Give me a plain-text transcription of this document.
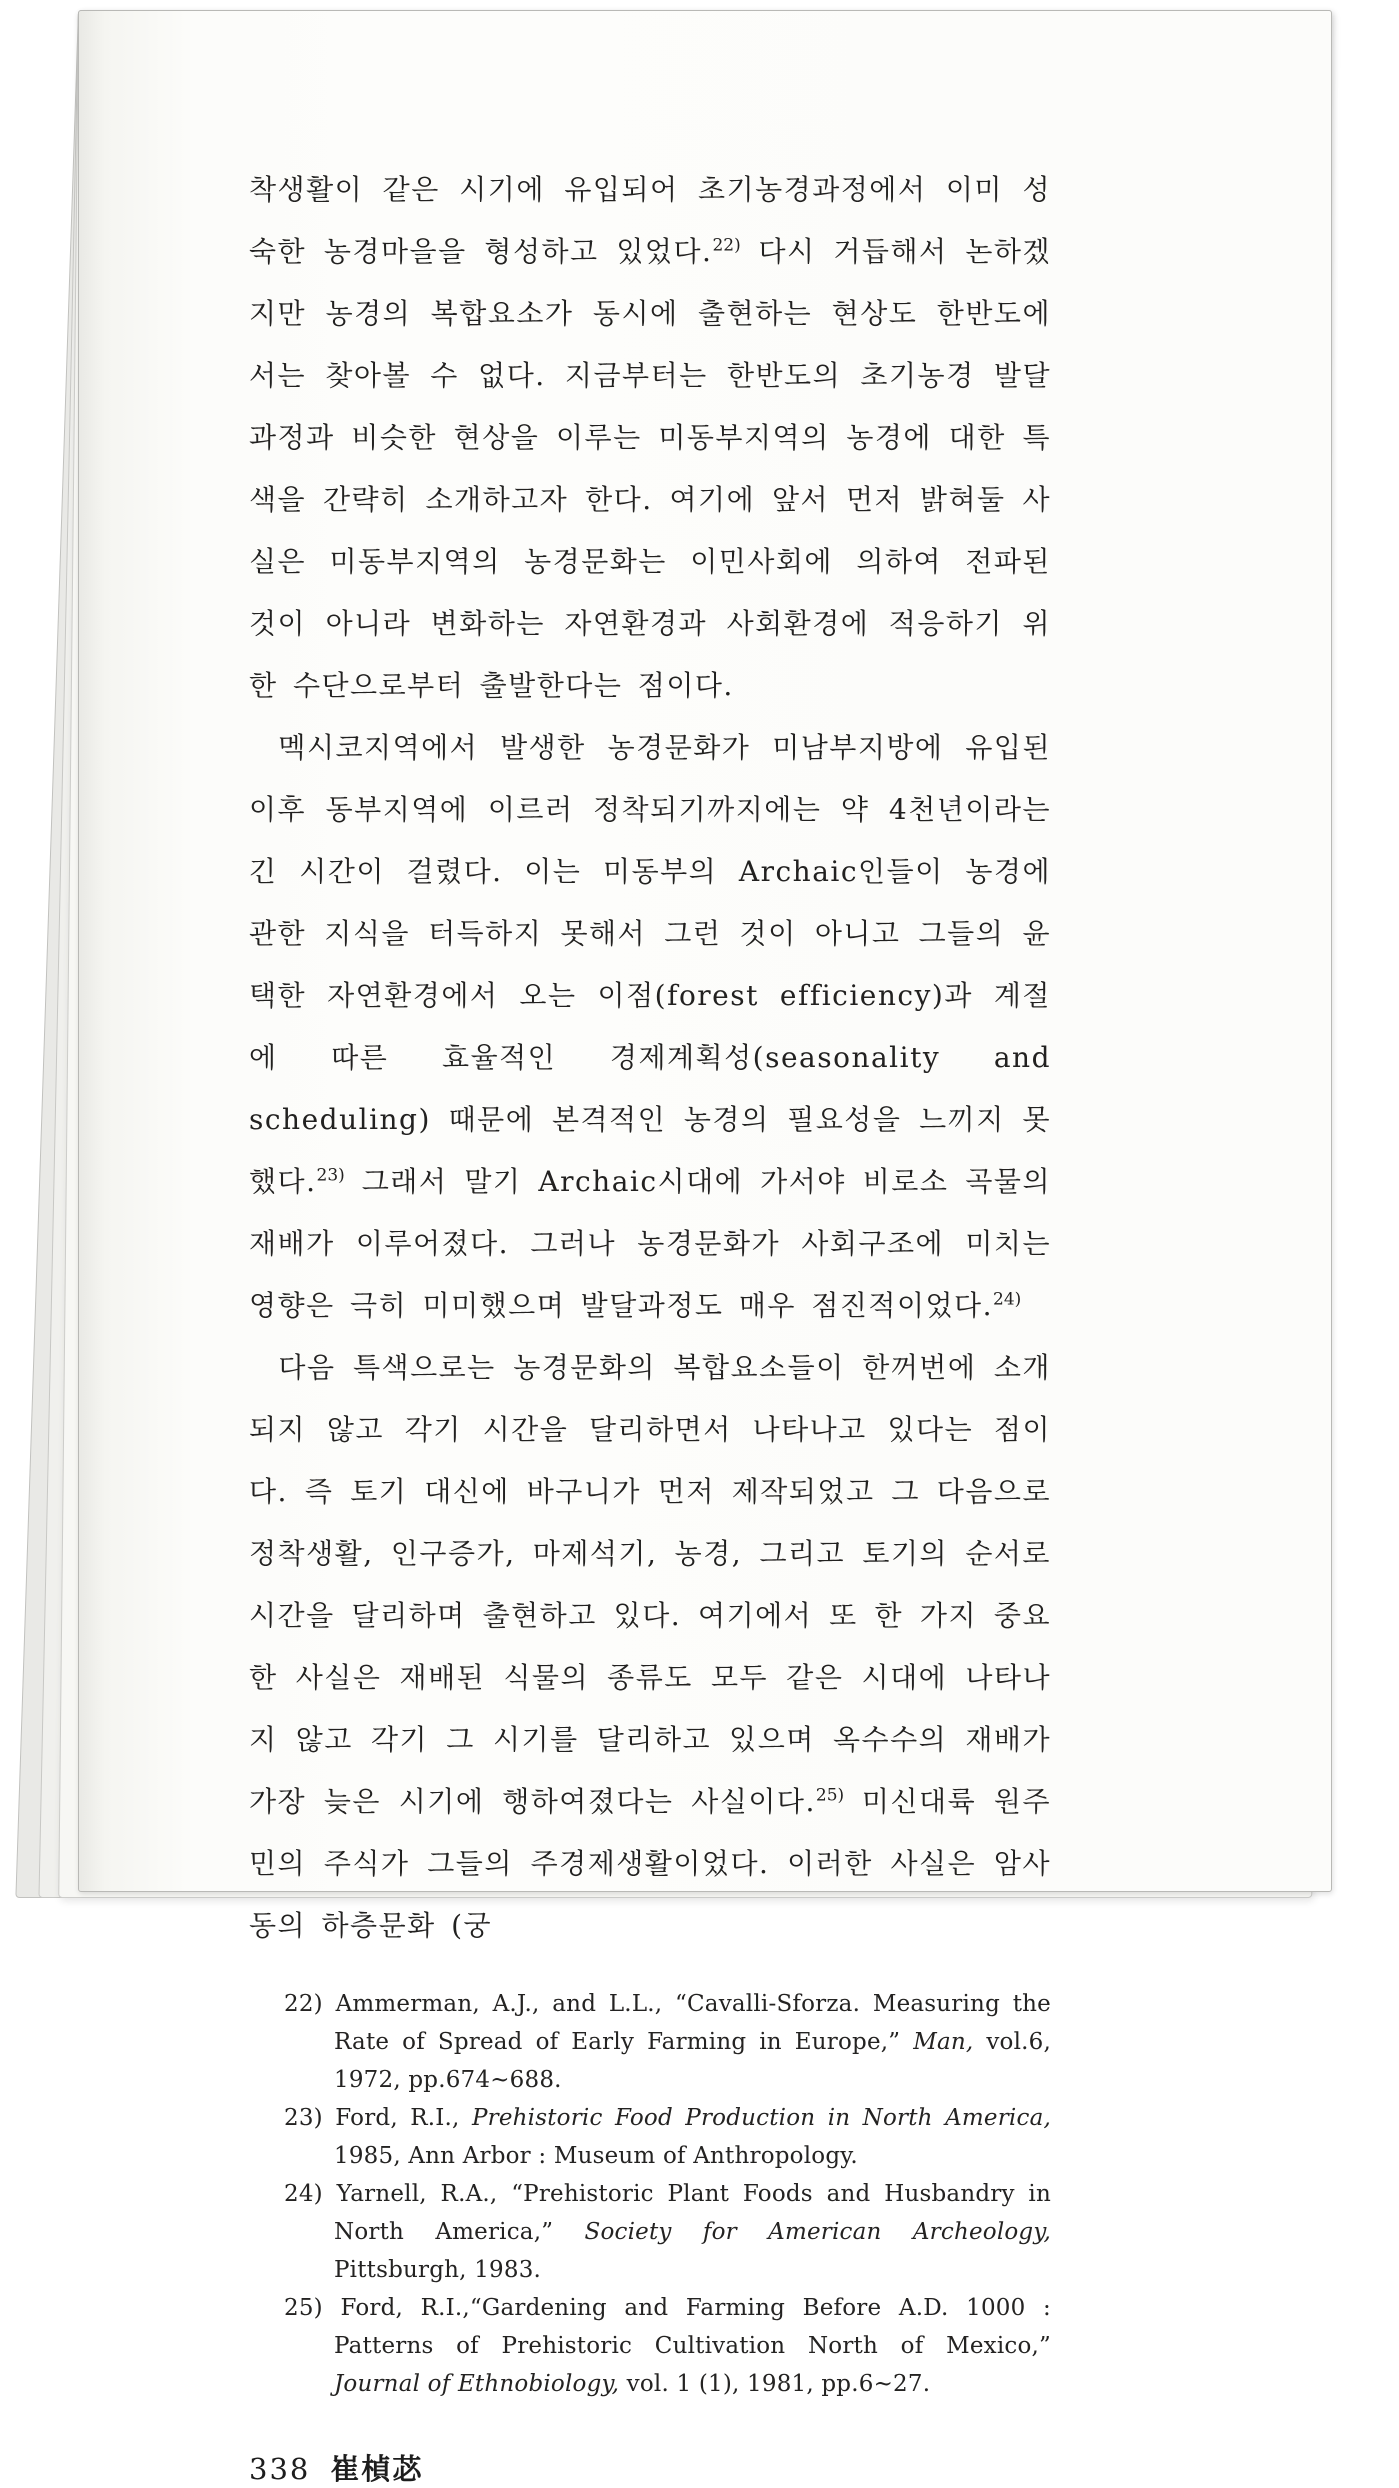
착생활이 같은 시기에 유입되어 초기농경과정에서 이미 성숙한 농경마을을 형성하고 있었다.$^{22)}$ 다시 거듭해서 논하겠지만 농경의 복합요소가 동시에 출현하는 현상도 한반도에서는 찾아볼 수 없다. 지금부터는 한반도의 초기농경 발달과정과 비슷한 현상을 이루는 미동부지역의 농경에 대한 특색을 간략히 소개하고자 한다. 여기에 앞서 먼저 밝혀둘 사실은 미동부지역의 농경문화는 이민사회에 의하여 전파된 것이 아니라 변화하는 자연환경과 사회환경에 적응하기 위한 수단으로부터 출발한다는 점이다.

멕시코지역에서 발생한 농경문화가 미남부지방에 유입된 이후 동부지역에 이르러 정착되기까지에는 약 4천년이라는 긴 시간이 걸렸다. 이는 미동부의 Archaic인들이 농경에 관한 지식을 터득하지 못해서 그런 것이 아니고 그들의 윤택한 자연환경에서 오는 이점(forest efficiency)과 계절에 따른 효율적인 경제계획성(seasonality and scheduling) 때문에 본격적인 농경의 필요성을 느끼지 못했다.$^{23)}$ 그래서 말기 Archaic시대에 가서야 비로소 곡물의 재배가 이루어졌다. 그러나 농경문화가 사회구조에 미치는 영향은 극히 미미했으며 발달과정도 매우 점진적이었다.$^{24)}$

다음 특색으로는 농경문화의 복합요소들이 한꺼번에 소개되지 않고 각기 시간을 달리하면서 나타나고 있다는 점이다. 즉 토기 대신에 바구니가 먼저 제작되었고 그 다음으로 정착생활, 인구증가, 마제석기, 농경, 그리고 토기의 순서로 시간을 달리하며 출현하고 있다. 여기에서 또 한 가지 중요한 사실은 재배된 식물의 종류도 모두 같은 시대에 나타나지 않고 각기 그 시기를 달리하고 있으며 옥수수의 재배가 가장 늦은 시기에 행하여졌다는 사실이다.$^{25)}$ 미신대륙 원주민의 주식가 그들의 주경제생활이었다. 이러한 사실은 암사동의 하층문화 (궁

22) Ammerman, A.J., and L.L., “Cavalli-Sforza. Measuring the Rate of Spread of Early Farming in Europe,” Man, vol.6, 1972, pp.674~688.
23) Ford, R.I., Prehistoric Food Production in North America, 1985, Ann Arbor : Museum of Anthropology.
24) Yarnell, R.A., “Prehistoric Plant Foods and Husbandry in North America,” Society for American Archeology, Pittsburgh, 1983.
25) Ford, R.I.,“Gardening and Farming Before A.D. 1000 : Patterns of Prehistoric Cultivation North of Mexico,” Journal of Ethnobiology, vol. 1 (1), 1981, pp.6~27.
338 崔楨苾
